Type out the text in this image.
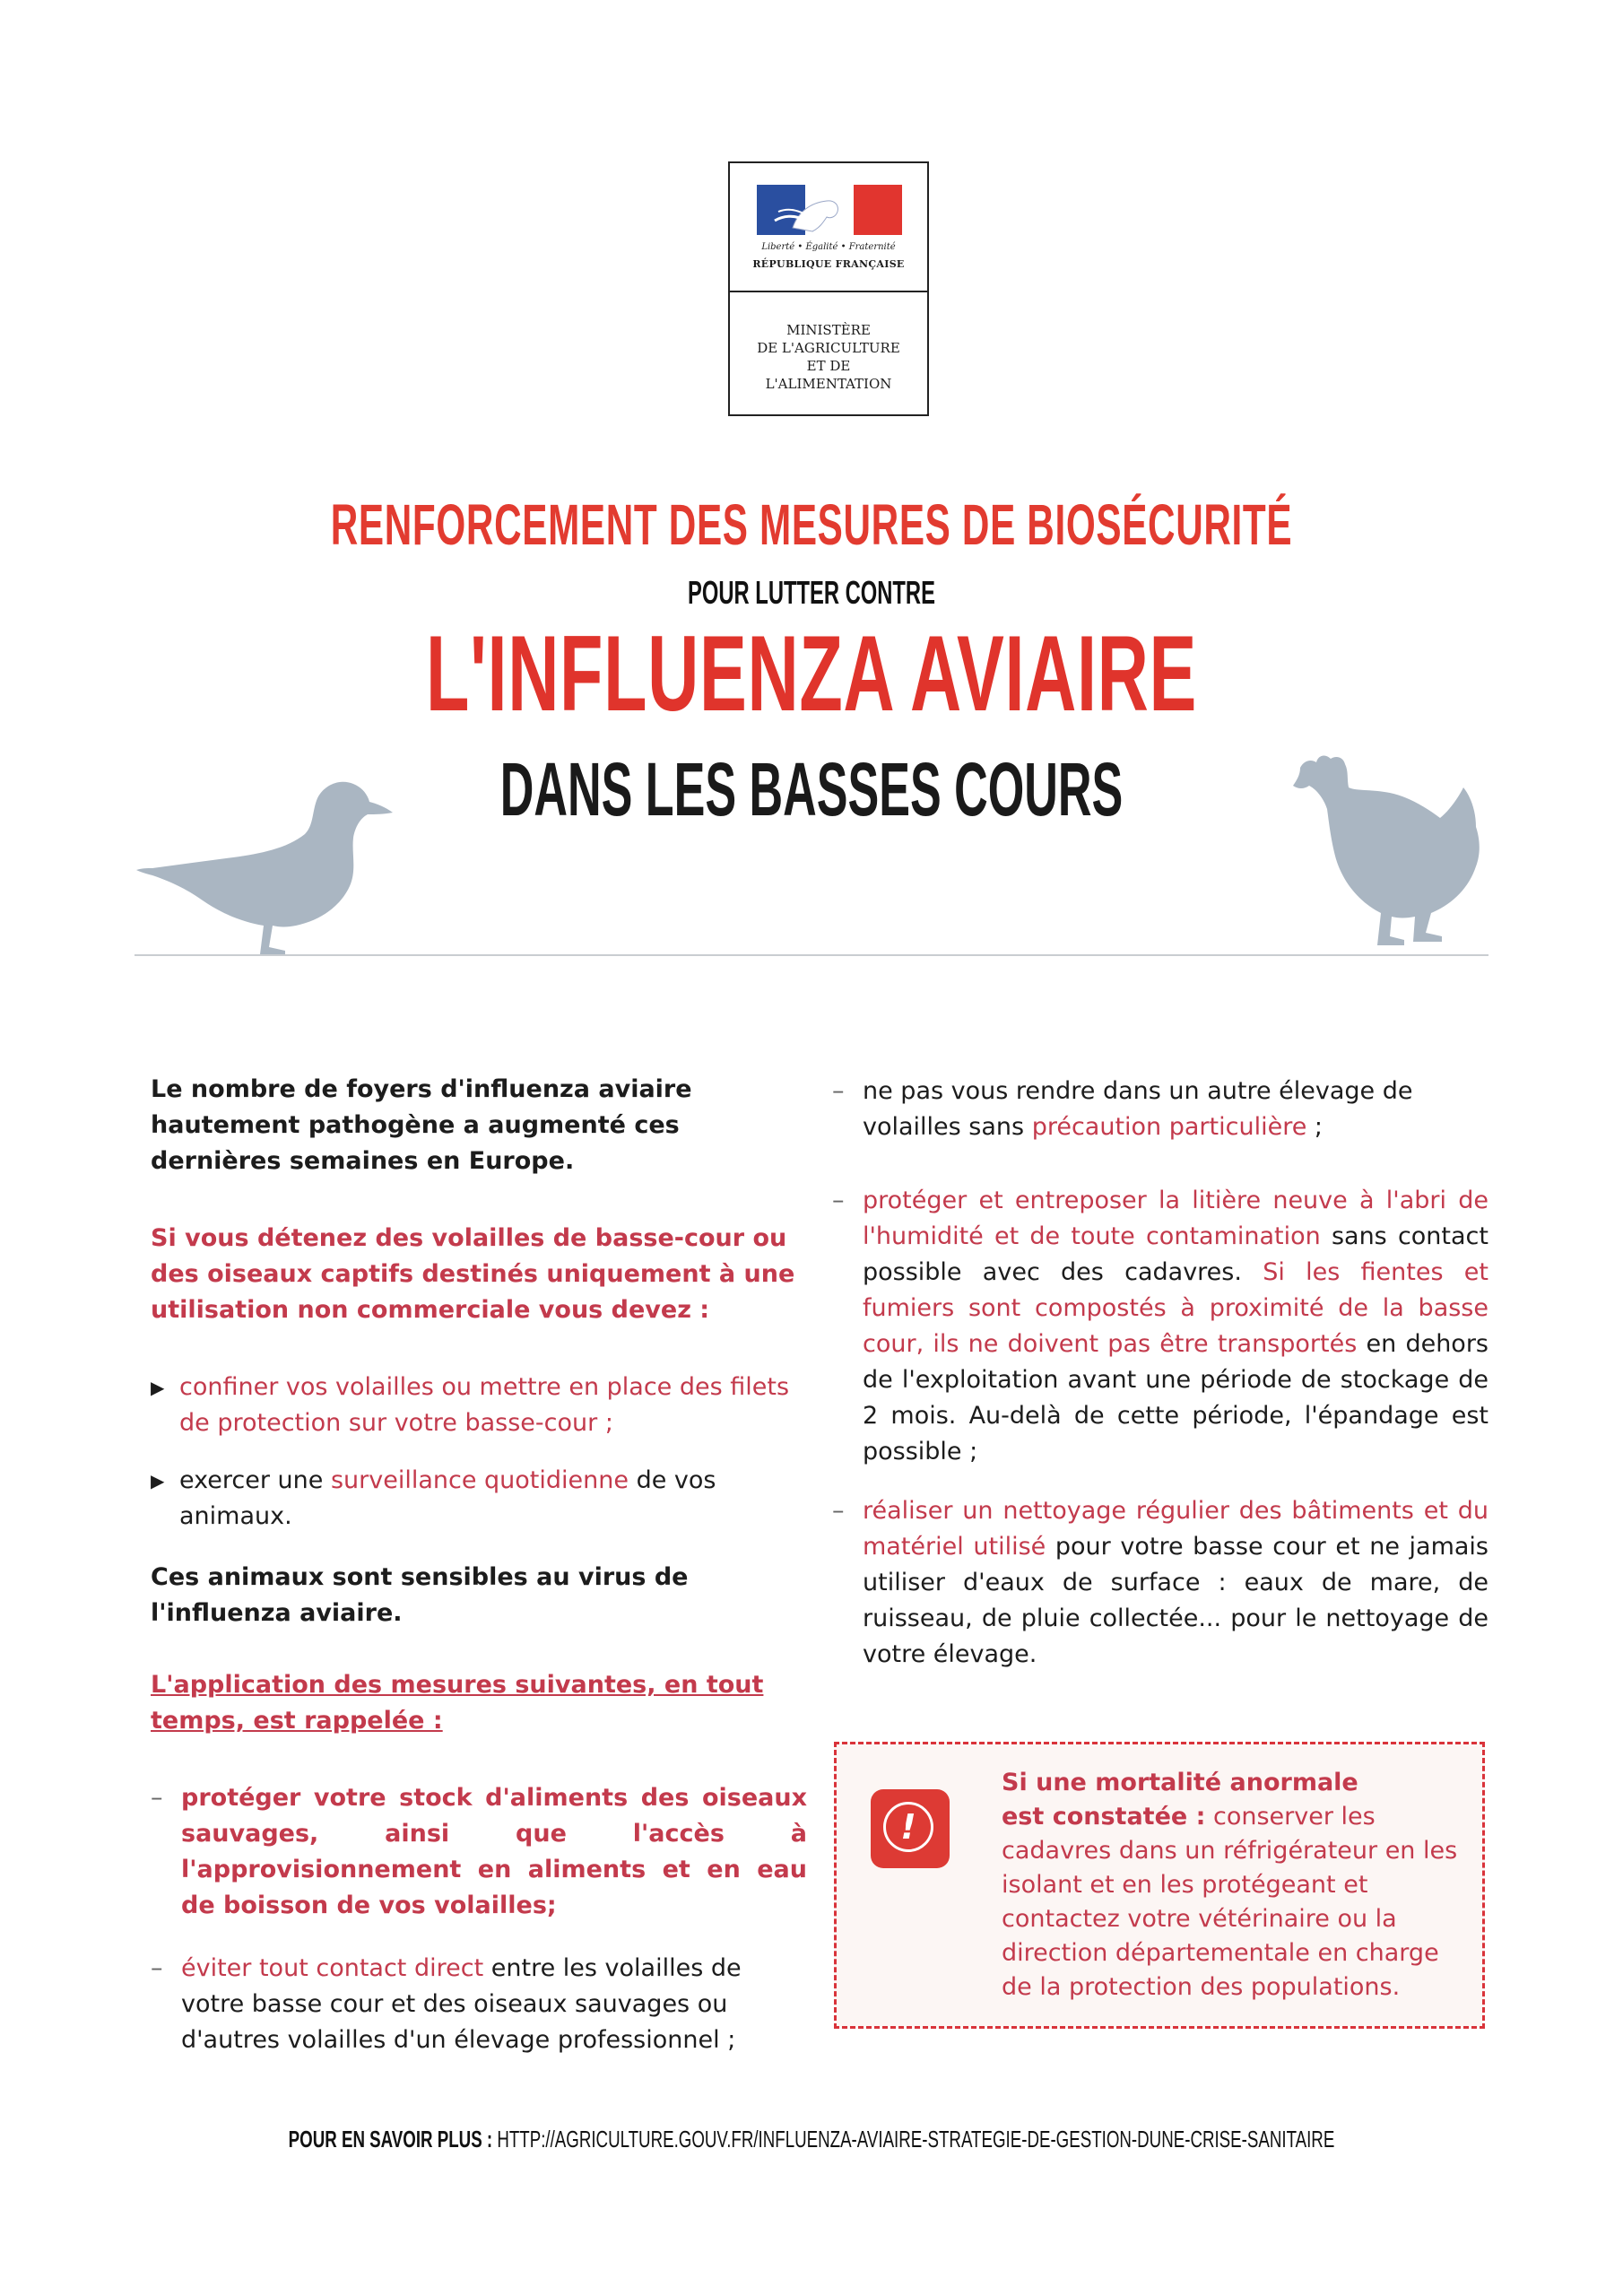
Liberté • Égalité • Fraternité
RÉPUBLIQUE FRANÇAISE
MINISTÈRE
DE L'AGRICULTURE
ET DE
L'ALIMENTATION
RENFORCEMENT DES MESURES DE BIOSÉCURITÉ
POUR LUTTER CONTRE
L'INFLUENZA AVIAIRE
DANS LES BASSES COURS

Le nombre de foyers d'influenza aviaire hautement pathogène a augmenté ces dernières semaines en Europe.

Si vous détenez des volailles de basse-cour ou des oiseaux captifs destinés uniquement à une utilisation non commerciale vous devez :

▶ confiner vos volailles ou mettre en place des filets de protection sur votre basse-cour ;
▶ exercer une surveillance quotidienne de vos animaux.

Ces animaux sont sensibles au virus de l'influenza aviaire.

L'application des mesures suivantes, en tout temps, est rappelée :

– protéger votre stock d'aliments des oiseaux sauvages, ainsi que l'accès à l'approvisionnement en aliments et en eau de boisson de vos volailles;
– éviter tout contact direct entre les volailles de votre basse cour et des oiseaux sauvages ou d'autres volailles d'un élevage professionnel ;
– ne pas vous rendre dans un autre élevage de volailles sans précaution particulière ;
– protéger et entreposer la litière neuve à l'abri de l'humidité et de toute contamination sans contact possible avec des cadavres. Si les fientes et fumiers sont compostés à proximité de la basse cour, ils ne doivent pas être transportés en dehors de l'exploitation avant une période de stockage de 2 mois. Au-delà de cette période, l'épandage est possible ;
– réaliser un nettoyage régulier des bâtiments et du matériel utilisé pour votre basse cour et ne jamais utiliser d'eaux de surface : eaux de mare, de ruisseau, de pluie collectée... pour le nettoyage de votre élevage.
!
Si une mortalité anormale
est constatée : conserver les cadavres dans un réfrigérateur en les isolant et en les protégeant et contactez votre vétérinaire ou la direction départementale en charge de la protection des populations.
POUR EN SAVOIR PLUS : HTTP://AGRICULTURE.GOUV.FR/INFLUENZA-AVIAIRE-STRATEGIE-DE-GESTION-DUNE-CRISE-SANITAIRE
